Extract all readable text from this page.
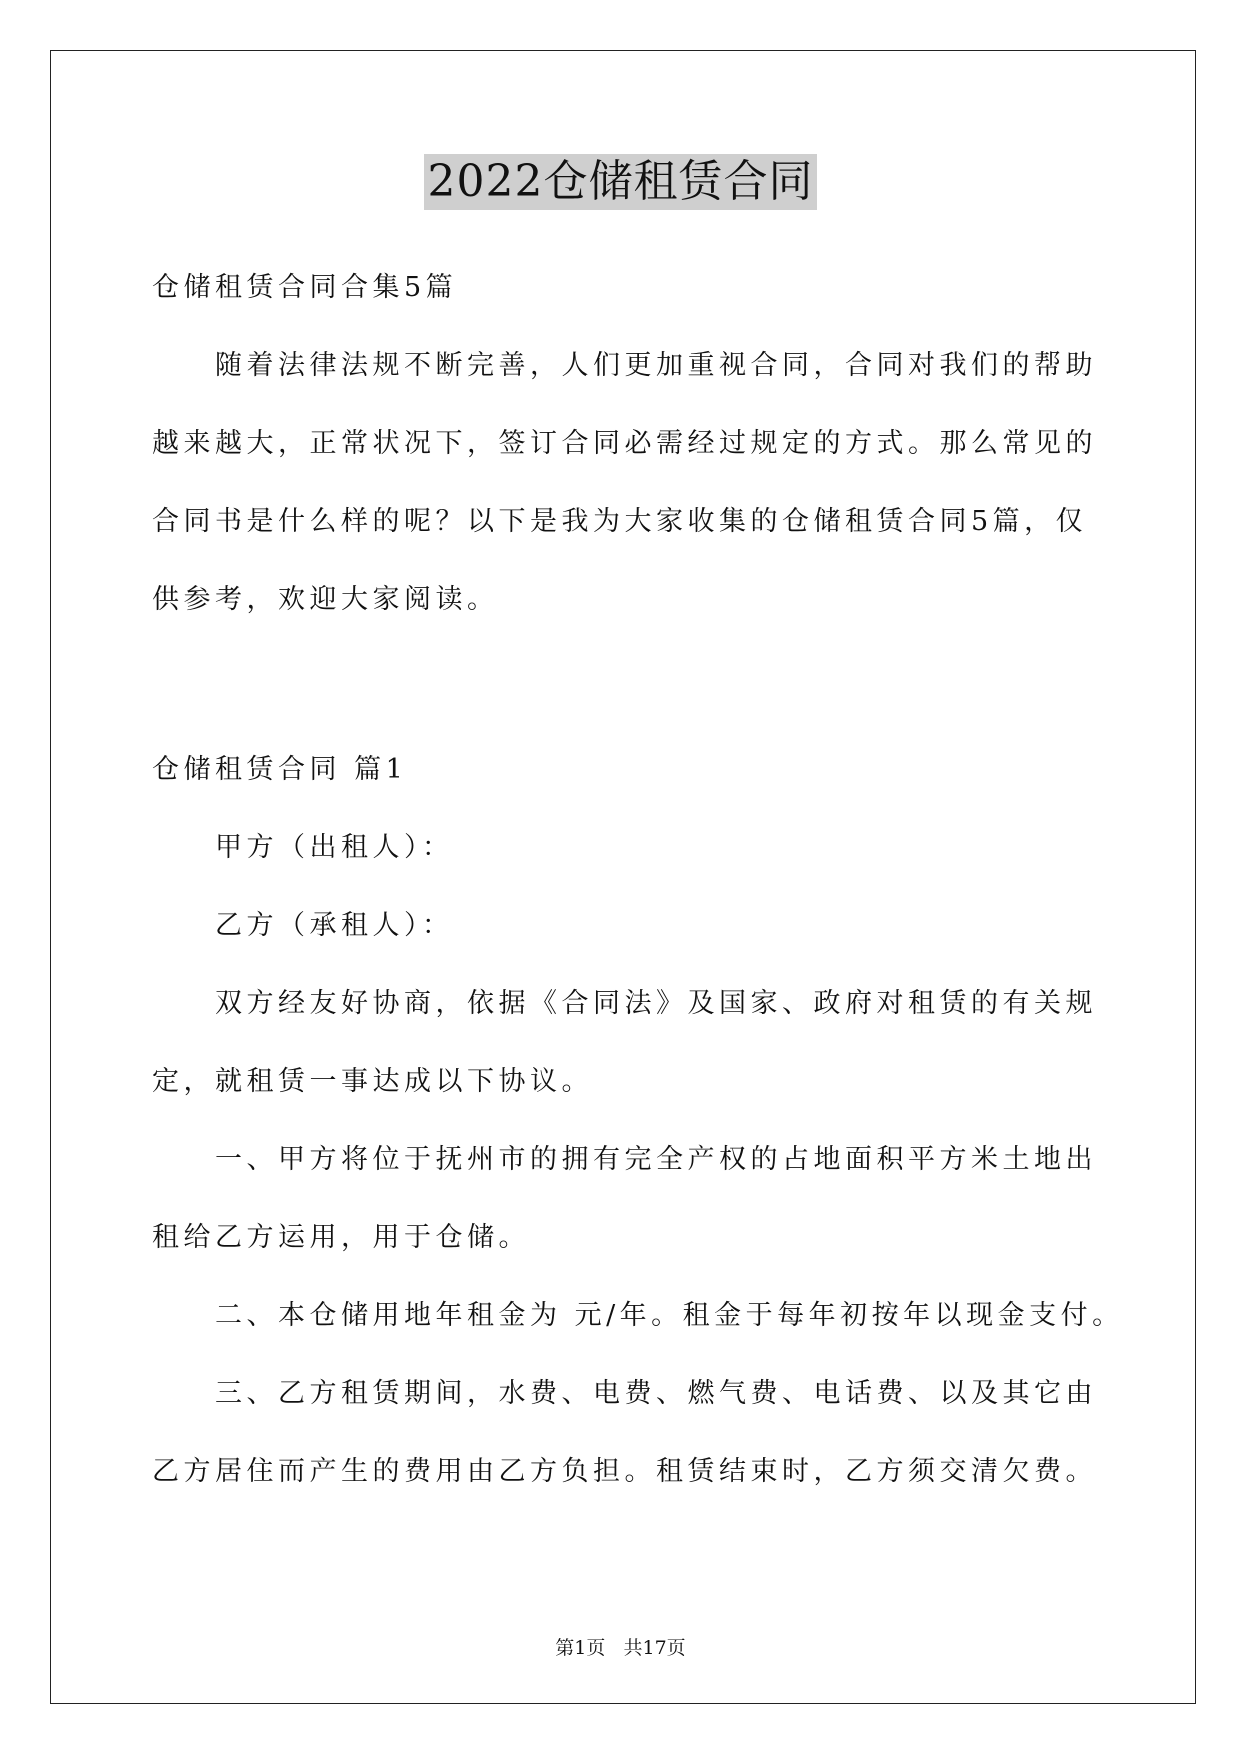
2022仓储租赁合同
仓储租赁合同合集5篇
随着法律法规不断完善，人们更加重视合同，合同对我们的帮助
越来越大，正常状况下，签订合同必需经过规定的方式。那么常见的
合同书是什么样的呢？以下是我为大家收集的仓储租赁合同5篇，仅
供参考，欢迎大家阅读。
仓储租赁合同 篇1
甲方（出租人）：
乙方（承租人）：
双方经友好协商，依据《合同法》及国家、政府对租赁的有关规
定，就租赁一事达成以下协议。
一、甲方将位于抚州市的拥有完全产权的占地面积平方米土地出
租给乙方运用，用于仓储。
二、本仓储用地年租金为 元/年。租金于每年初按年以现金支付。
三、乙方租赁期间，水费、电费、燃气费、电话费、以及其它由
乙方居住而产生的费用由乙方负担。租赁结束时，乙方须交清欠费。
第1页   共17页
